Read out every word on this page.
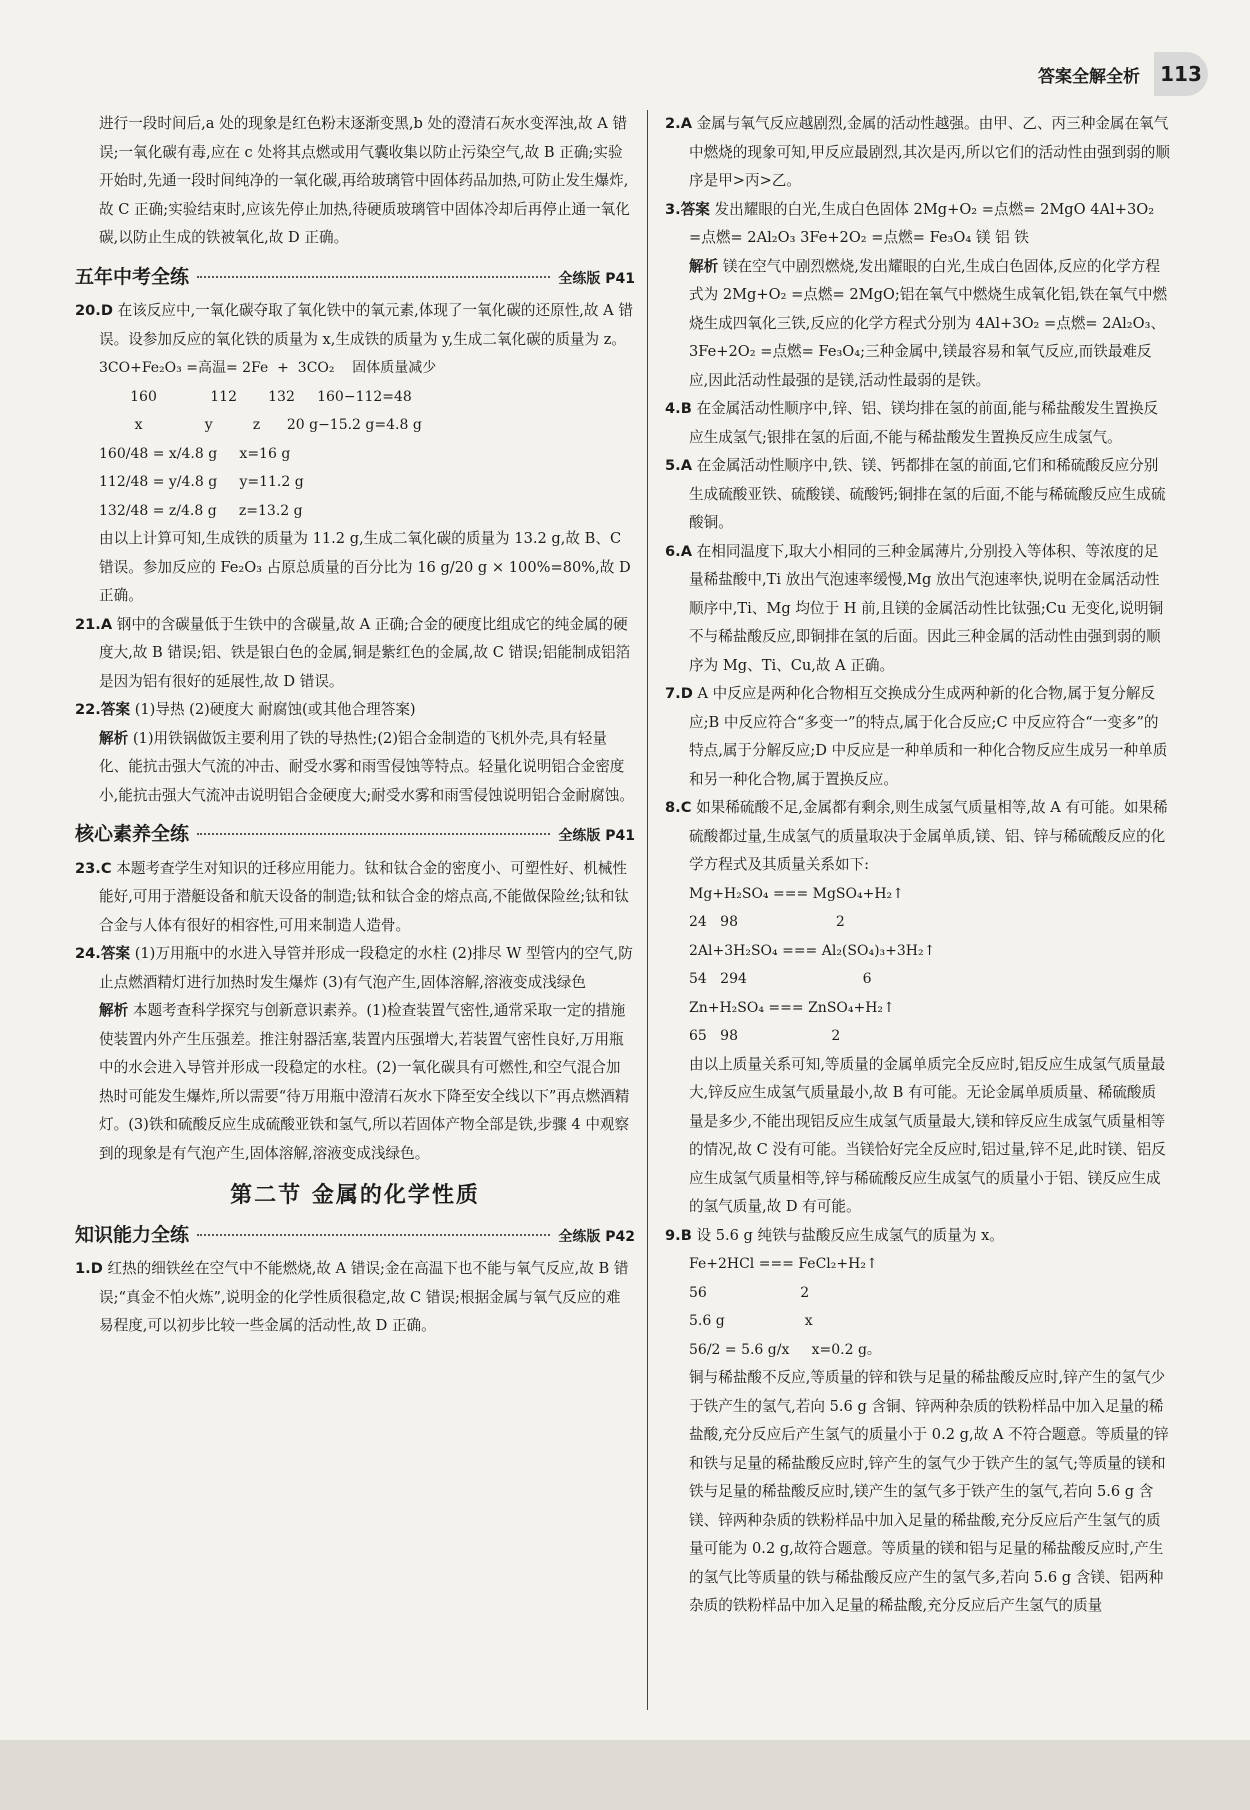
答案全解全析	113

进行一段时间后,a 处的现象是红色粉末逐渐变黑,b 处的澄清石灰水变浑浊,故 A 错误;一氧化碳有毒,应在 c 处将其点燃或用气囊收集以防止污染空气,故 B 正确;实验开始时,先通一段时间纯净的一氧化碳,再给玻璃管中固体药品加热,可防止发生爆炸,故 C 正确;实验结束时,应该先停止加热,待硬质玻璃管中固体冷却后再停止通一氧化碳,以防止生成的铁被氧化,故 D 正确。

五年中考全练	全练版 P41

20.D 在该反应中,一氧化碳夺取了氧化铁中的氧元素,体现了一氧化碳的还原性,故 A 错误。设参加反应的氧化铁的质量为 x,生成铁的质量为 y,生成二氧化碳的质量为 z。

3CO+Fe₂O₃ =高温= 2Fe  +  3CO₂    固体质量减少

160            112       132     160−112=48

x              y         z      20 g−15.2 g=4.8 g

160/48 = x/4.8 g     x=16 g

112/48 = y/4.8 g     y=11.2 g

132/48 = z/4.8 g     z=13.2 g

由以上计算可知,生成铁的质量为 11.2 g,生成二氧化碳的质量为 13.2 g,故 B、C 错误。参加反应的 Fe₂O₃ 占原总质量的百分比为 16 g/20 g × 100%=80%,故 D 正确。

21.A 钢中的含碳量低于生铁中的含碳量,故 A 正确;合金的硬度比组成它的纯金属的硬度大,故 B 错误;铝、铁是银白色的金属,铜是紫红色的金属,故 C 错误;铝能制成铝箔是因为铝有很好的延展性,故 D 错误。

22.答案 (1)导热 (2)硬度大 耐腐蚀(或其他合理答案)

解析 (1)用铁锅做饭主要利用了铁的导热性;(2)铝合金制造的飞机外壳,具有轻量化、能抗击强大气流的冲击、耐受水雾和雨雪侵蚀等特点。轻量化说明铝合金密度小,能抗击强大气流冲击说明铝合金硬度大;耐受水雾和雨雪侵蚀说明铝合金耐腐蚀。

核心素养全练	全练版 P41

23.C 本题考查学生对知识的迁移应用能力。钛和钛合金的密度小、可塑性好、机械性能好,可用于潜艇设备和航天设备的制造;钛和钛合金的熔点高,不能做保险丝;钛和钛合金与人体有很好的相容性,可用来制造人造骨。

24.答案 (1)万用瓶中的水进入导管并形成一段稳定的水柱 (2)排尽 W 型管内的空气,防止点燃酒精灯进行加热时发生爆炸 (3)有气泡产生,固体溶解,溶液变成浅绿色

解析 本题考查科学探究与创新意识素养。(1)检查装置气密性,通常采取一定的措施使装置内外产生压强差。推注射器活塞,装置内压强增大,若装置气密性良好,万用瓶中的水会进入导管并形成一段稳定的水柱。(2)一氧化碳具有可燃性,和空气混合加热时可能发生爆炸,所以需要“待万用瓶中澄清石灰水下降至安全线以下”再点燃酒精灯。(3)铁和硫酸反应生成硫酸亚铁和氢气,所以若固体产物全部是铁,步骤 4 中观察到的现象是有气泡产生,固体溶解,溶液变成浅绿色。

第二节 金属的化学性质
知识能力全练	全练版 P42

1.D 红热的细铁丝在空气中不能燃烧,故 A 错误;金在高温下也不能与氧气反应,故 B 错误;“真金不怕火炼”,说明金的化学性质很稳定,故 C 错误;根据金属与氧气反应的难易程度,可以初步比较一些金属的活动性,故 D 正确。

2.A 金属与氧气反应越剧烈,金属的活动性越强。由甲、乙、丙三种金属在氧气中燃烧的现象可知,甲反应最剧烈,其次是丙,所以它们的活动性由强到弱的顺序是甲>丙>乙。

3.答案 发出耀眼的白光,生成白色固体 2Mg+O₂ =点燃= 2MgO 4Al+3O₂ =点燃= 2Al₂O₃ 3Fe+2O₂ =点燃= Fe₃O₄ 镁 铝 铁

解析 镁在空气中剧烈燃烧,发出耀眼的白光,生成白色固体,反应的化学方程式为 2Mg+O₂ =点燃= 2MgO;铝在氧气中燃烧生成氧化铝,铁在氧气中燃烧生成四氧化三铁,反应的化学方程式分别为 4Al+3O₂ =点燃= 2Al₂O₃、3Fe+2O₂ =点燃= Fe₃O₄;三种金属中,镁最容易和氧气反应,而铁最难反应,因此活动性最强的是镁,活动性最弱的是铁。

4.B 在金属活动性顺序中,锌、铝、镁均排在氢的前面,能与稀盐酸发生置换反应生成氢气;银排在氢的后面,不能与稀盐酸发生置换反应生成氢气。

5.A 在金属活动性顺序中,铁、镁、钙都排在氢的前面,它们和稀硫酸反应分别生成硫酸亚铁、硫酸镁、硫酸钙;铜排在氢的后面,不能与稀硫酸反应生成硫酸铜。

6.A 在相同温度下,取大小相同的三种金属薄片,分别投入等体积、等浓度的足量稀盐酸中,Ti 放出气泡速率缓慢,Mg 放出气泡速率快,说明在金属活动性顺序中,Ti、Mg 均位于 H 前,且镁的金属活动性比钛强;Cu 无变化,说明铜不与稀盐酸反应,即铜排在氢的后面。因此三种金属的活动性由强到弱的顺序为 Mg、Ti、Cu,故 A 正确。

7.D A 中反应是两种化合物相互交换成分生成两种新的化合物,属于复分解反应;B 中反应符合“多变一”的特点,属于化合反应;C 中反应符合“一变多”的特点,属于分解反应;D 中反应是一种单质和一种化合物反应生成另一种单质和另一种化合物,属于置换反应。

8.C 如果稀硫酸不足,金属都有剩余,则生成氢气质量相等,故 A 有可能。如果稀硫酸都过量,生成氢气的质量取决于金属单质,镁、铝、锌与稀硫酸反应的化学方程式及其质量关系如下:

Mg+H₂SO₄ === MgSO₄+H₂↑

24   98                      2

2Al+3H₂SO₄ === Al₂(SO₄)₃+3H₂↑

54   294                          6

Zn+H₂SO₄ === ZnSO₄+H₂↑

65   98                     2

由以上质量关系可知,等质量的金属单质完全反应时,铝反应生成氢气质量最大,锌反应生成氢气质量最小,故 B 有可能。无论金属单质质量、稀硫酸质量是多少,不能出现铝反应生成氢气质量最大,镁和锌反应生成氢气质量相等的情况,故 C 没有可能。当镁恰好完全反应时,铝过量,锌不足,此时镁、铝反应生成氢气质量相等,锌与稀硫酸反应生成氢气的质量小于铝、镁反应生成的氢气质量,故 D 有可能。

9.B 设 5.6 g 纯铁与盐酸反应生成氢气的质量为 x。

Fe+2HCl === FeCl₂+H₂↑

56                     2

5.6 g                  x

56/2 = 5.6 g/x     x=0.2 g。

铜与稀盐酸不反应,等质量的锌和铁与足量的稀盐酸反应时,锌产生的氢气少于铁产生的氢气,若向 5.6 g 含铜、锌两种杂质的铁粉样品中加入足量的稀盐酸,充分反应后产生氢气的质量小于 0.2 g,故 A 不符合题意。等质量的锌和铁与足量的稀盐酸反应时,锌产生的氢气少于铁产生的氢气;等质量的镁和铁与足量的稀盐酸反应时,镁产生的氢气多于铁产生的氢气,若向 5.6 g 含镁、锌两种杂质的铁粉样品中加入足量的稀盐酸,充分反应后产生氢气的质量可能为 0.2 g,故符合题意。等质量的镁和铝与足量的稀盐酸反应时,产生的氢气比等质量的铁与稀盐酸反应产生的氢气多,若向 5.6 g 含镁、铝两种杂质的铁粉样品中加入足量的稀盐酸,充分反应后产生氢气的质量
